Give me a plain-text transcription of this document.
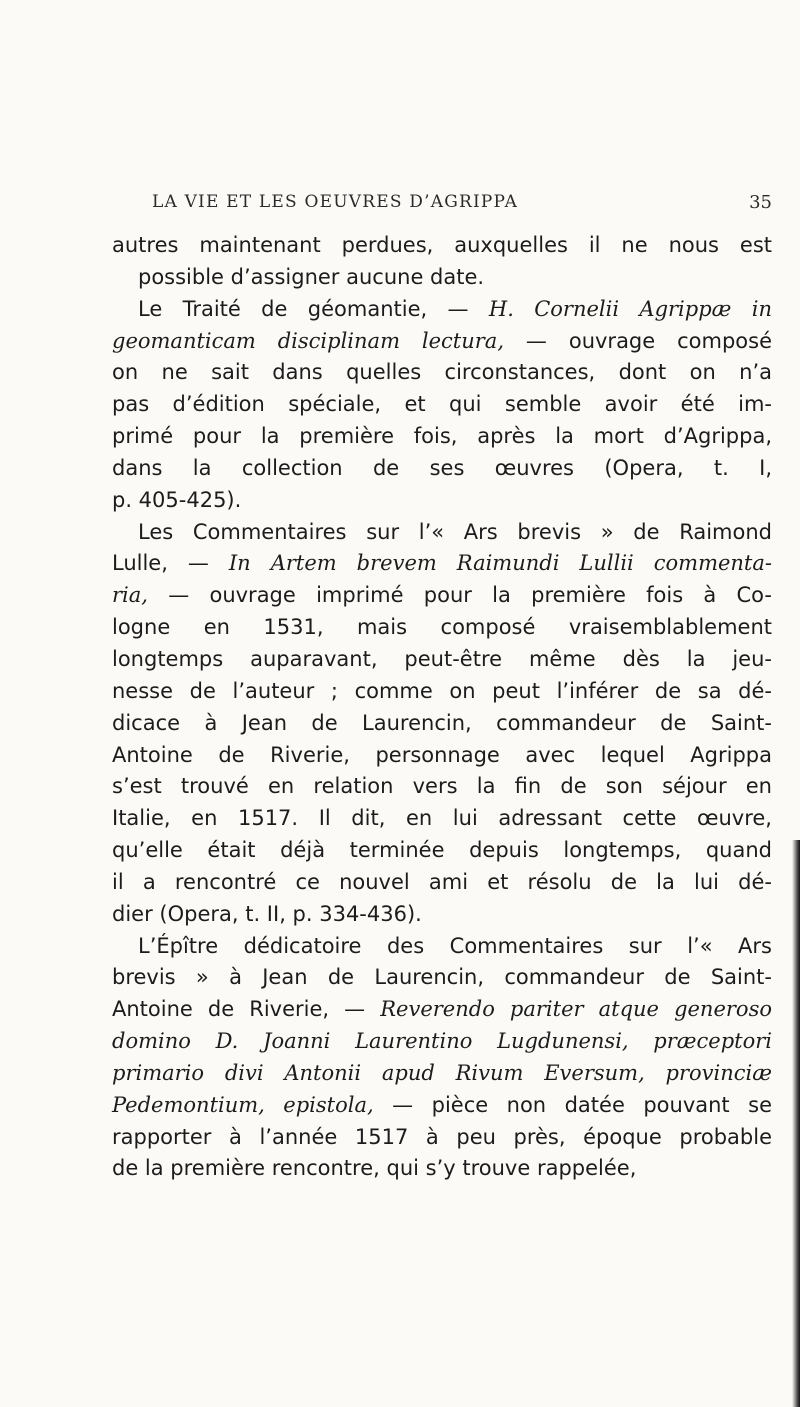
LA VIE ET LES OEUVRES D’AGRIPPA	35
autres maintenant perdues, auxquelles il ne nous est
possible d’assigner aucune date.
Le Traité de géomantie, — H. Cornelii Agrippæ in
geomanticam disciplinam lectura, — ouvrage composé
on ne sait dans quelles circonstances, dont on n’a
pas d’édition spéciale, et qui semble avoir été im-
primé pour la première fois, après la mort d’Agrippa,
dans la collection de ses œuvres (Opera, t. I,
p. 405-425).
Les Commentaires sur l’« Ars brevis » de Raimond
Lulle, — In Artem brevem Raimundi Lullii commenta-
ria, — ouvrage imprimé pour la première fois à Co-
logne en 1531, mais composé vraisemblablement
longtemps auparavant, peut-être même dès la jeu-
nesse de l’auteur ; comme on peut l’inférer de sa dé-
dicace à Jean de Laurencin, commandeur de Saint-
Antoine de Riverie, personnage avec lequel Agrippa
s’est trouvé en relation vers la fin de son séjour en
Italie, en 1517. Il dit, en lui adressant cette œuvre,
qu’elle était déjà terminée depuis longtemps, quand
il a rencontré ce nouvel ami et résolu de la lui dé-
dier (Opera, t. II, p. 334-436).
L’Épître dédicatoire des Commentaires sur l’« Ars
brevis » à Jean de Laurencin, commandeur de Saint-
Antoine de Riverie, — Reverendo pariter atque generoso
domino D. Joanni Laurentino Lugdunensi, præceptori
primario divi Antonii apud Rivum Eversum, provinciæ
Pedemontium, epistola, — pièce non datée pouvant se
rapporter à l’année 1517 à peu près, époque probable
de la première rencontre, qui s’y trouve rappelée,
